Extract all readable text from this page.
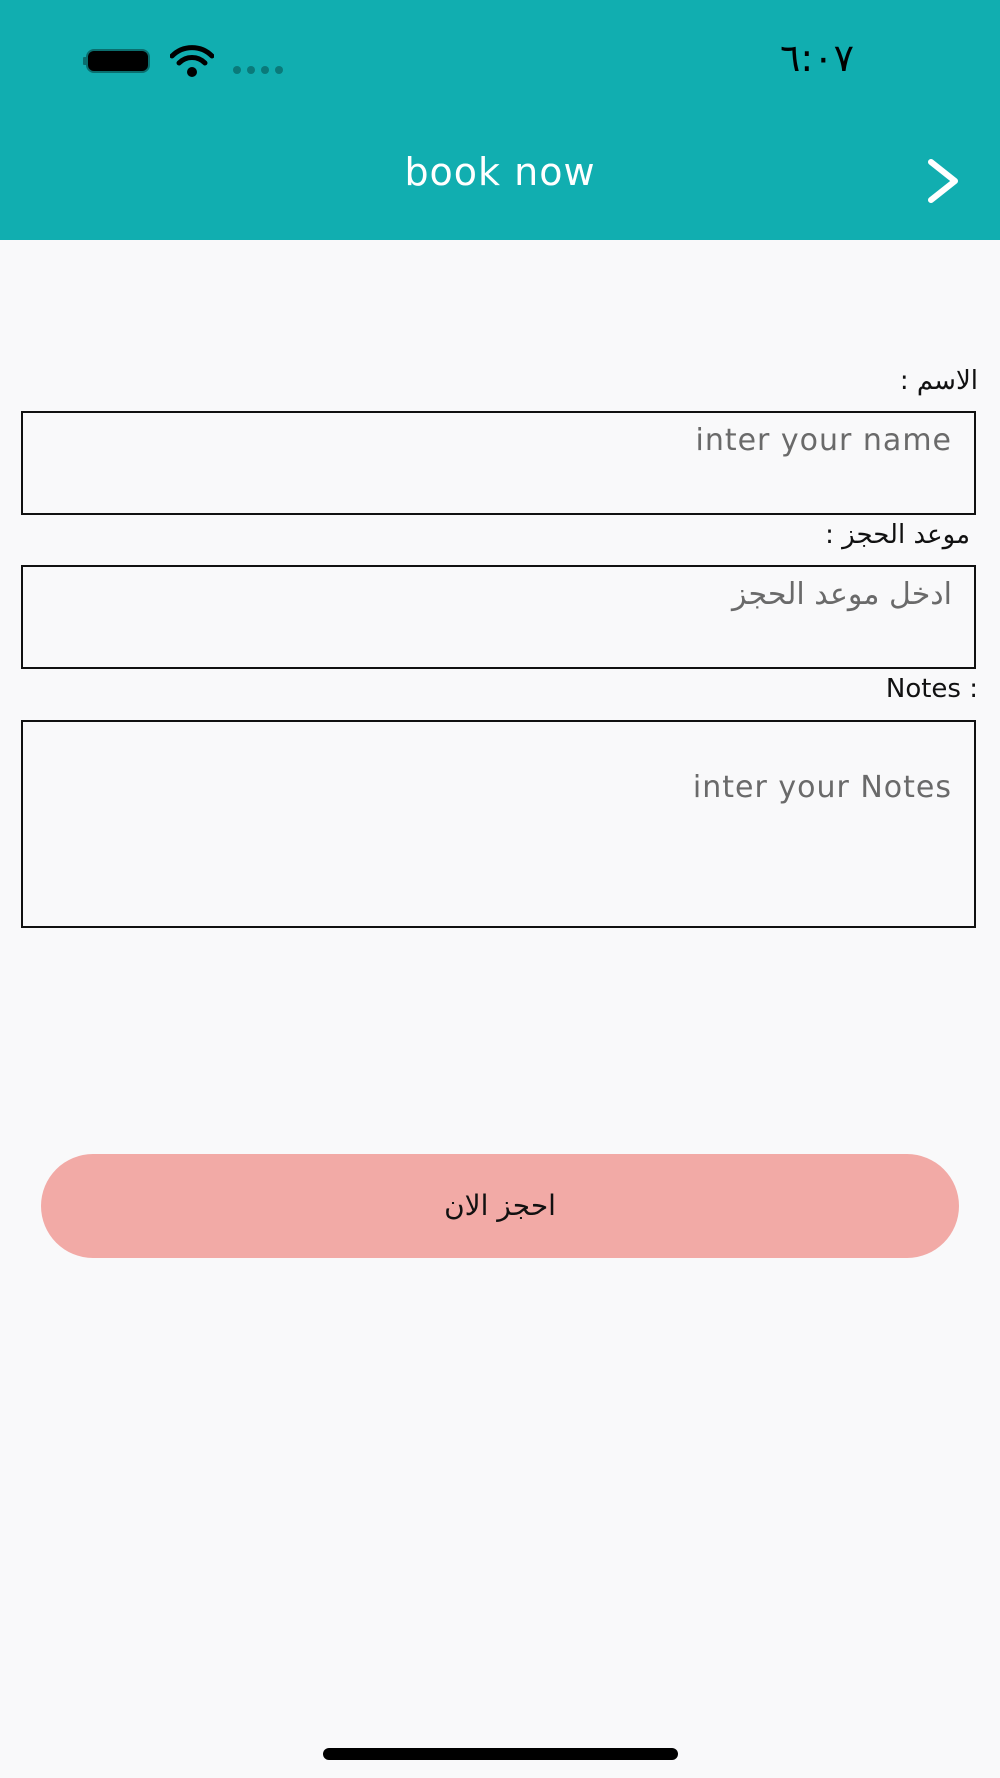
٦:٠٧
book now
الاسم :
inter your name
موعد الحجز :
ادخل موعد الحجز
Notes :
inter your Notes
احجز الان
